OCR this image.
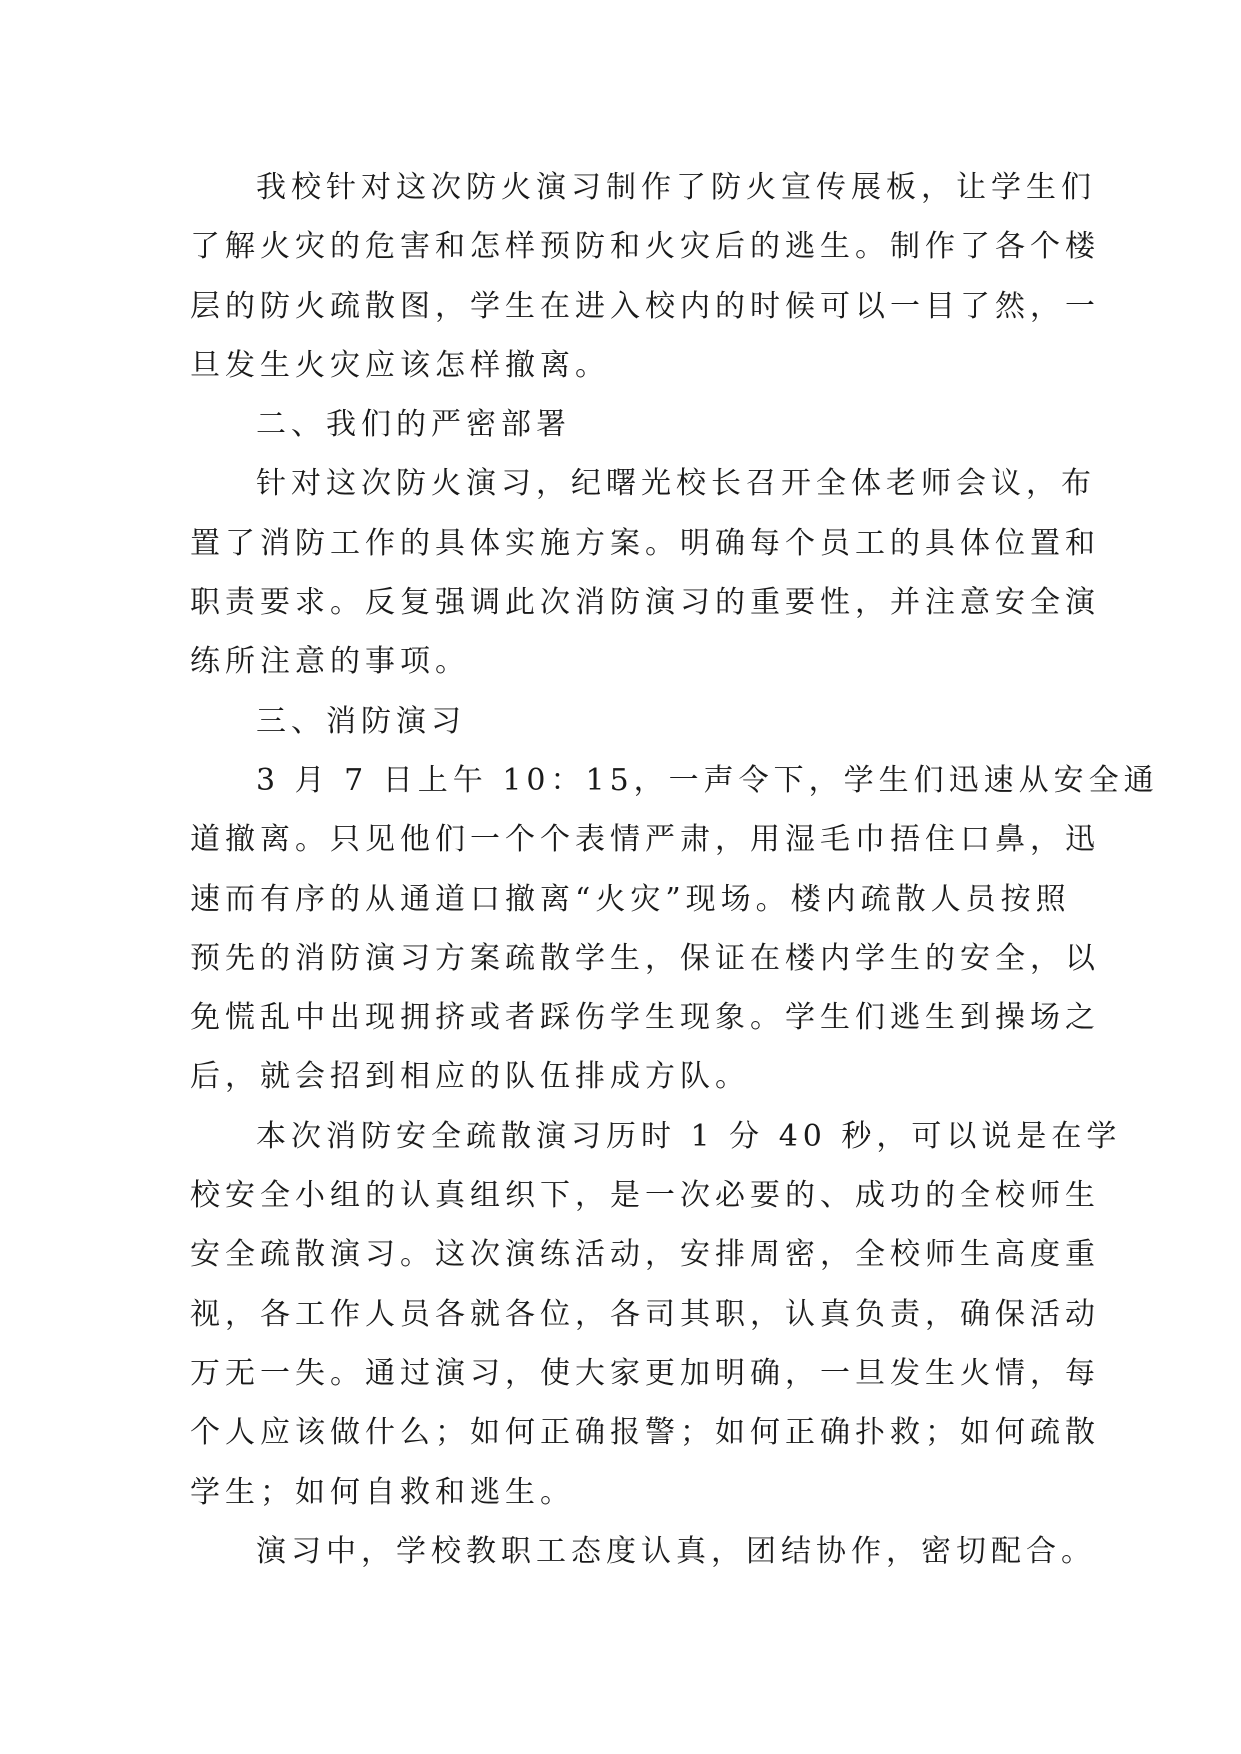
我校针对这次防火演习制作了防火宣传展板，让学生们
了解火灾的危害和怎样预防和火灾后的逃生。制作了各个楼
层的防火疏散图，学生在进入校内的时候可以一目了然，一
旦发生火灾应该怎样撤离。
二、我们的严密部署
针对这次防火演习，纪曙光校长召开全体老师会议，布
置了消防工作的具体实施方案。明确每个员工的具体位置和
职责要求。反复强调此次消防演习的重要性，并注意安全演
练所注意的事项。
三、消防演习
3 月 7 日上午 10：15，一声令下，学生们迅速从安全通
道撤离。只见他们一个个表情严肃，用湿毛巾捂住口鼻，迅
速而有序的从通道口撤离“火灾”现场。楼内疏散人员按照
预先的消防演习方案疏散学生，保证在楼内学生的安全，以
免慌乱中出现拥挤或者踩伤学生现象。学生们逃生到操场之
后，就会招到相应的队伍排成方队。
本次消防安全疏散演习历时 1 分 40 秒，可以说是在学
校安全小组的认真组织下，是一次必要的、成功的全校师生
安全疏散演习。这次演练活动，安排周密，全校师生高度重
视，各工作人员各就各位，各司其职，认真负责，确保活动
万无一失。通过演习，使大家更加明确，一旦发生火情，每
个人应该做什么；如何正确报警；如何正确扑救；如何疏散
学生；如何自救和逃生。
演习中，学校教职工态度认真，团结协作，密切配合。
